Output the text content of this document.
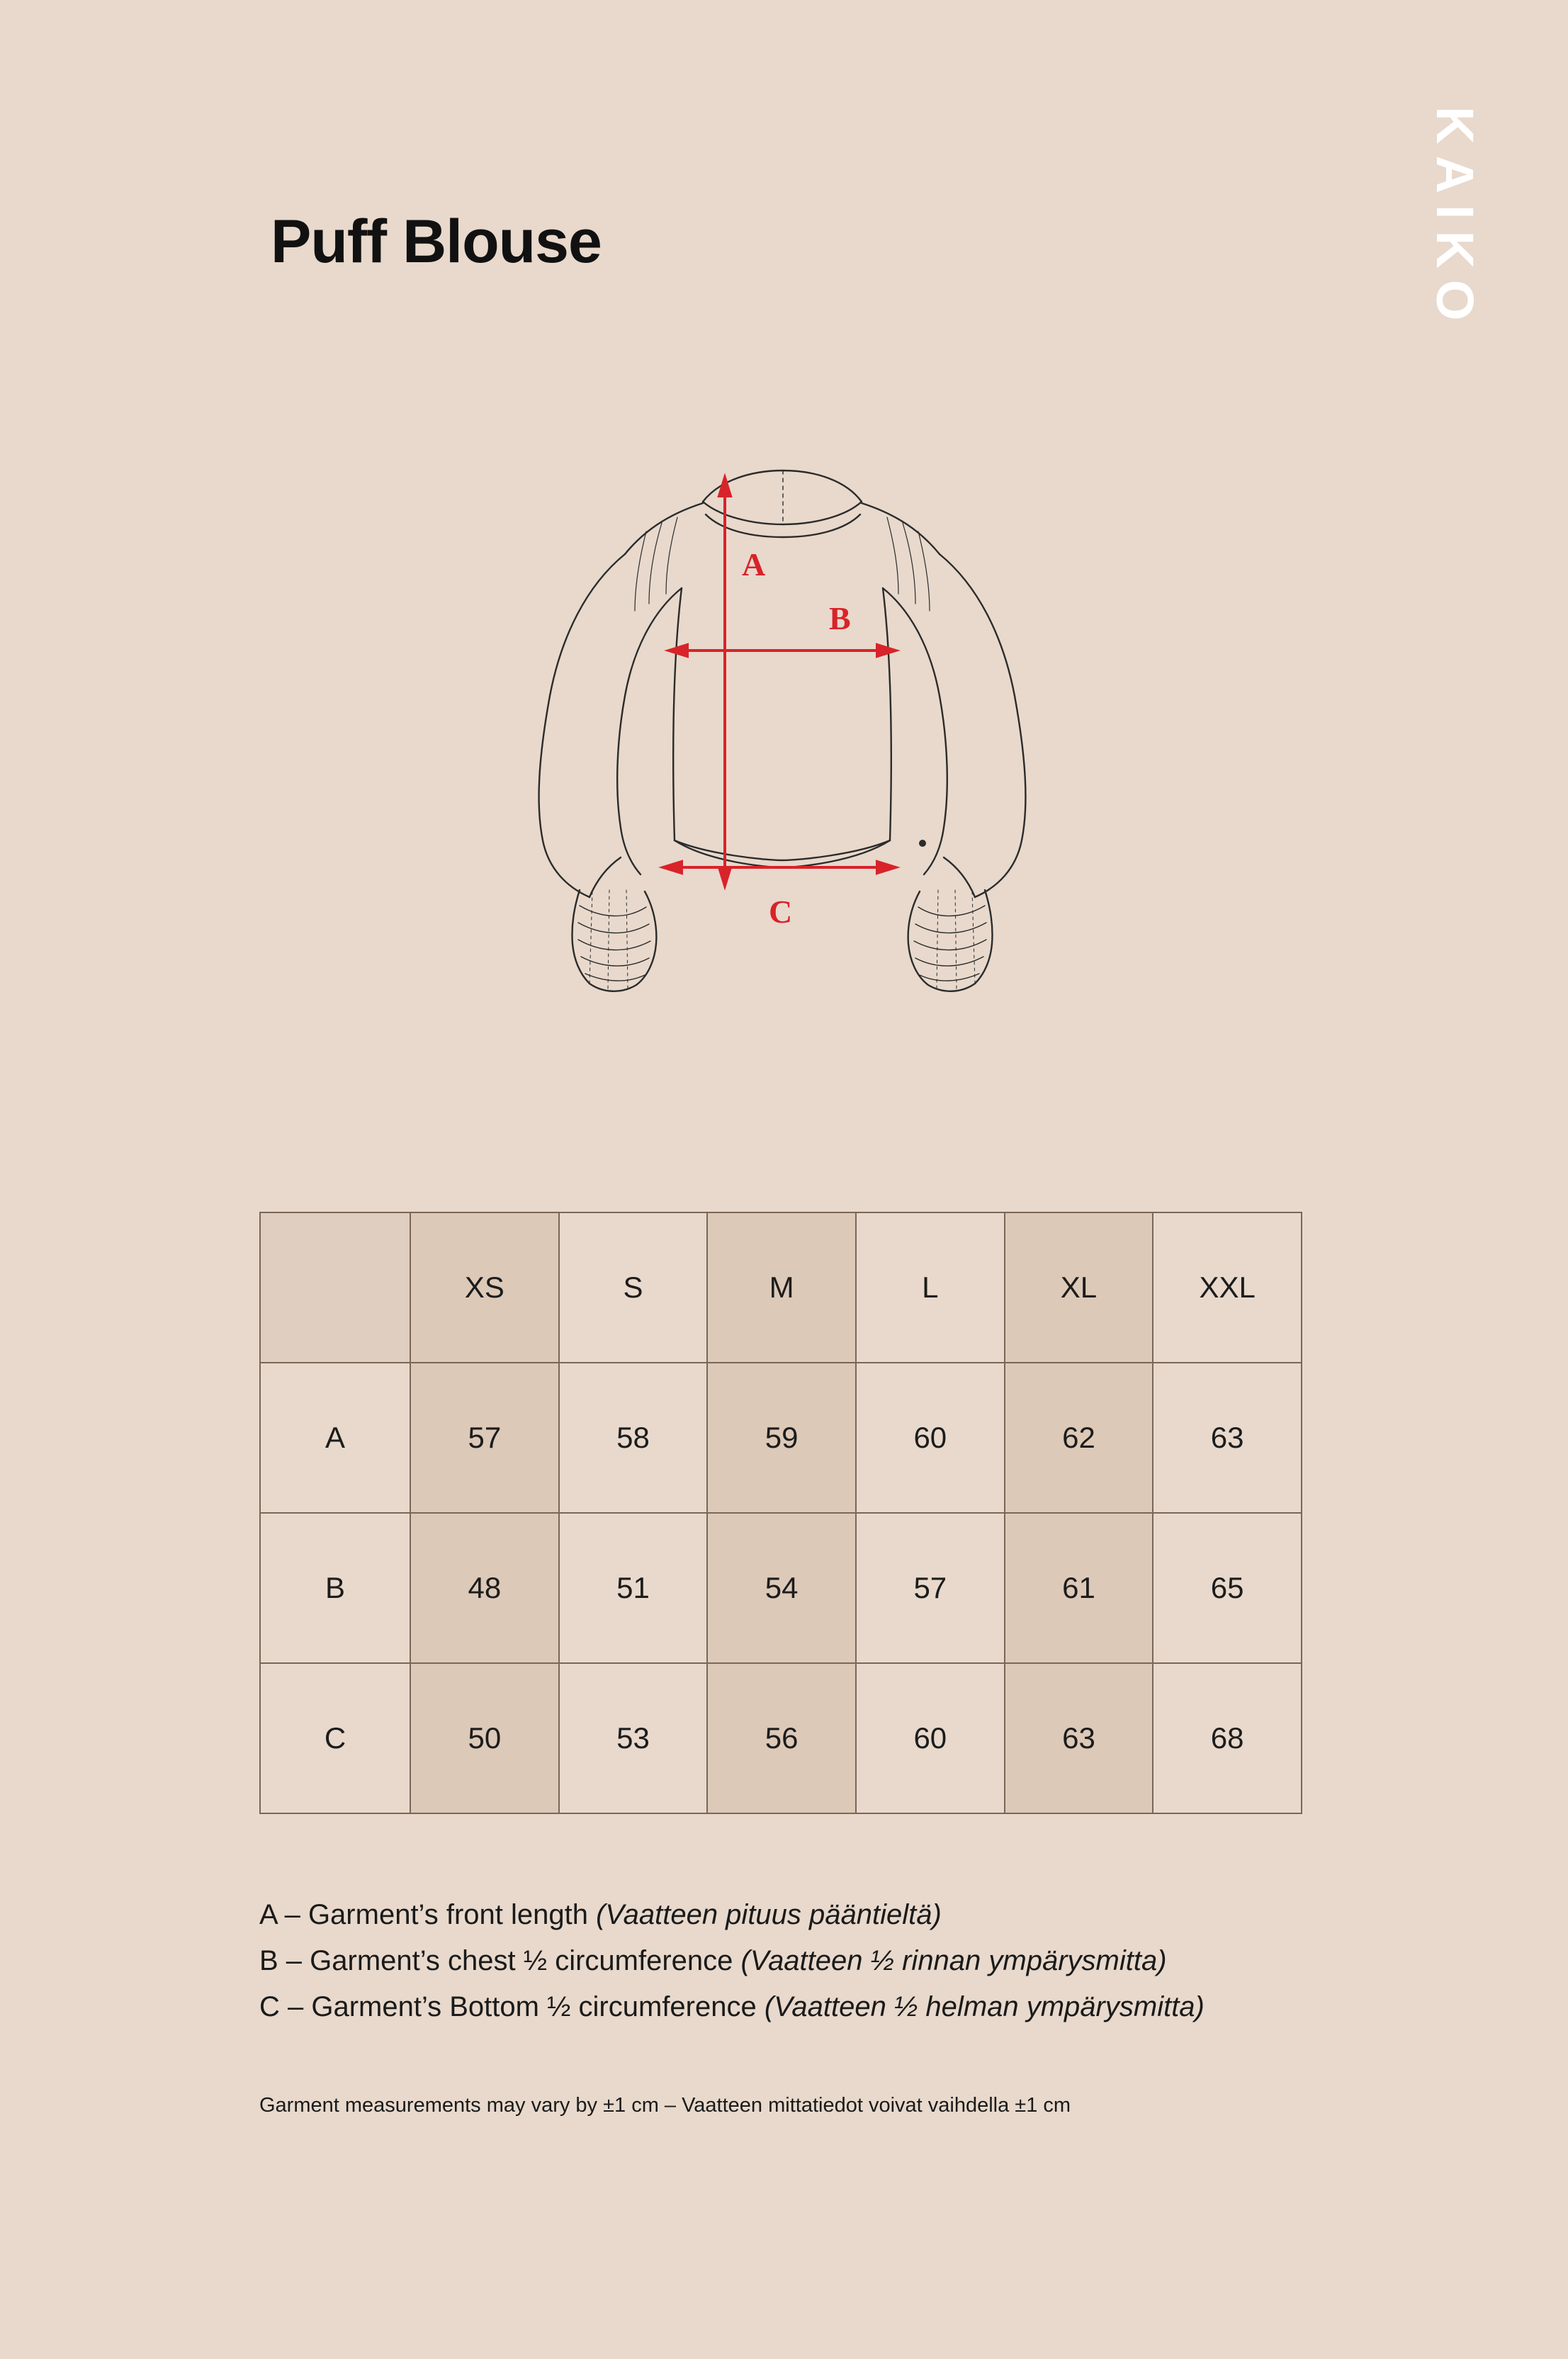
KAIKO
Puff Blouse
A
B
C
	XS	S	M	L	XL	XXL
A	57	58	59	60	62	63
B	48	51	54	57	61	65
C	50	53	56	60	63	68
A – Garment’s front length (Vaatteen pituus pääntieltä)
B – Garment’s chest ½ circumference (Vaatteen ½ rinnan ympärysmitta)
C – Garment’s Bottom ½ circumference (Vaatteen ½ helman ympärysmitta)
Garment measurements may vary by ±1 cm – Vaatteen mittatiedot voivat vaihdella ±1 cm
